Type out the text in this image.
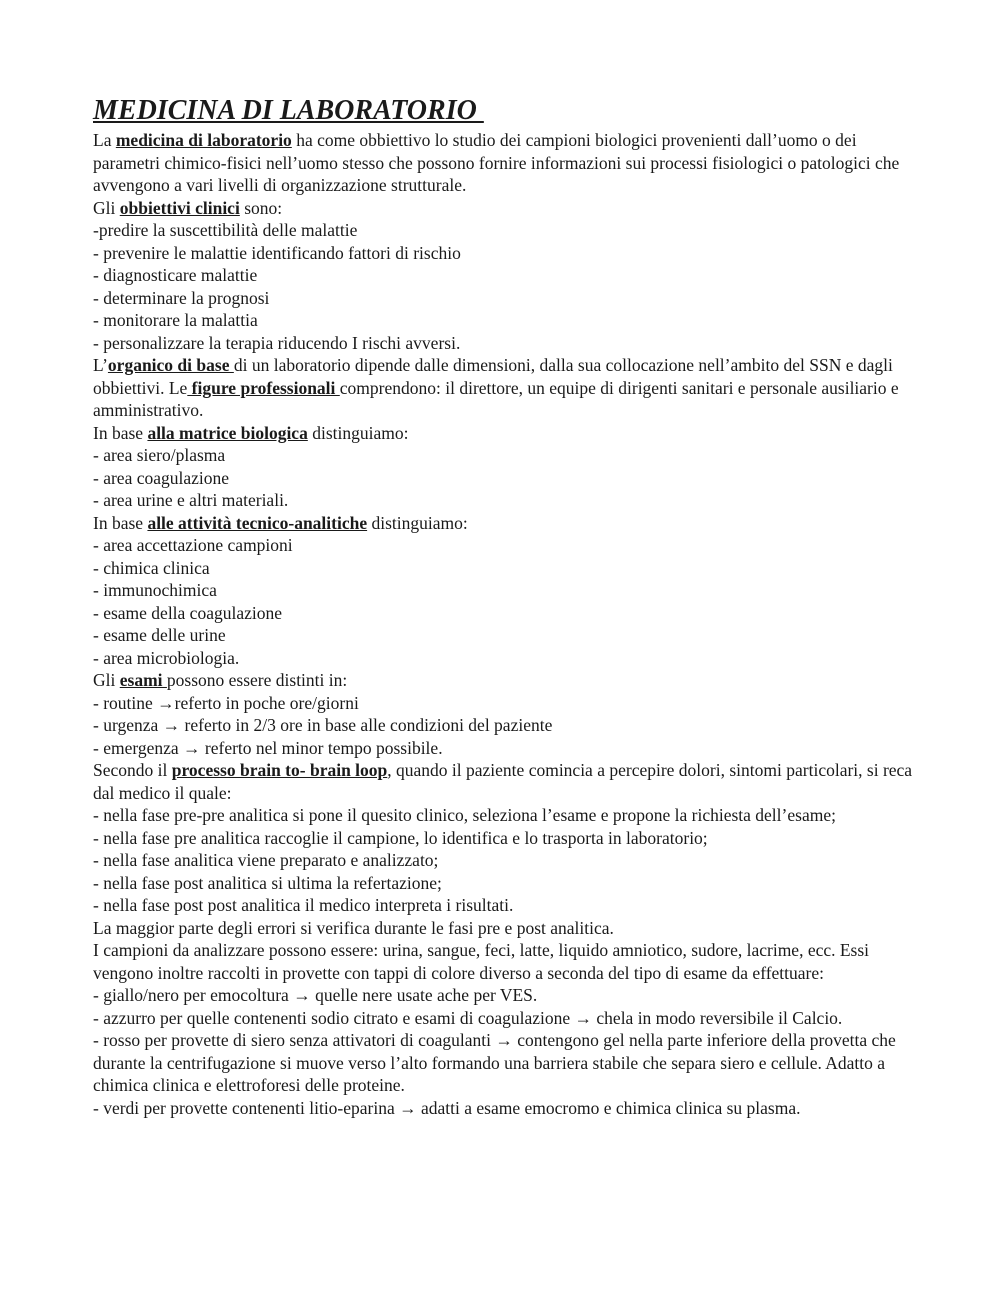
MEDICINA DI LABORATORIO

La medicina di laboratorio ha come obbiettivo lo studio dei campioni biologici provenienti dall’uomo o dei parametri chimico-fisici nell’uomo stesso che possono fornire informazioni sui processi fisiologici o patologici che avvengono a vari livelli di organizzazione strutturale.

Gli obbiettivi clinici sono:

-predire la suscettibilità delle malattie

- prevenire le malattie identificando fattori di rischio

- diagnosticare malattie

- determinare la prognosi

- monitorare la malattia

- personalizzare la terapia riducendo I rischi avversi.

L’organico di base di un laboratorio dipende dalle dimensioni, dalla sua collocazione nell’ambito del SSN e dagli obbiettivi. Le figure professionali comprendono: il direttore, un equipe di dirigenti sanitari e personale ausiliario e amministrativo.

In base alla matrice biologica distinguiamo:

- area siero/plasma

- area coagulazione

- area urine e altri materiali.

In base alle attività tecnico-analitiche distinguiamo:

- area accettazione campioni

- chimica clinica

- immunochimica

- esame della coagulazione

- esame delle urine

- area microbiologia.

Gli esami possono essere distinti in:

- routine →referto in poche ore/giorni

- urgenza → referto in 2/3 ore in base alle condizioni del paziente

- emergenza → referto nel minor tempo possibile.

Secondo il processo brain to- brain loop, quando il paziente comincia a percepire dolori, sintomi particolari, si reca dal medico il quale:

- nella fase pre-pre analitica si pone il quesito clinico, seleziona l’esame e propone la richiesta dell’esame;

- nella fase pre analitica raccoglie il campione, lo identifica e lo trasporta in laboratorio;

- nella fase analitica viene preparato e analizzato;

- nella fase post analitica si ultima la refertazione;

- nella fase post post analitica il medico interpreta i risultati.

La maggior parte degli errori si verifica durante le fasi pre e post analitica.

I campioni da analizzare possono essere: urina, sangue, feci, latte, liquido amniotico, sudore, lacrime, ecc. Essi vengono inoltre raccolti in provette con tappi di colore diverso a seconda del tipo di esame da effettuare:

- giallo/nero per emocoltura → quelle nere usate ache per VES.

- azzurro per quelle contenenti sodio citrato e esami di coagulazione → chela in modo reversibile il Calcio.

- rosso per provette di siero senza attivatori di coagulanti → contengono gel nella parte inferiore della provetta che durante la centrifugazione si muove verso l’alto formando una barriera stabile che separa siero e cellule. Adatto a chimica clinica e elettroforesi delle proteine.

- verdi per provette contenenti litio-eparina → adatti a esame emocromo e chimica clinica su plasma.
